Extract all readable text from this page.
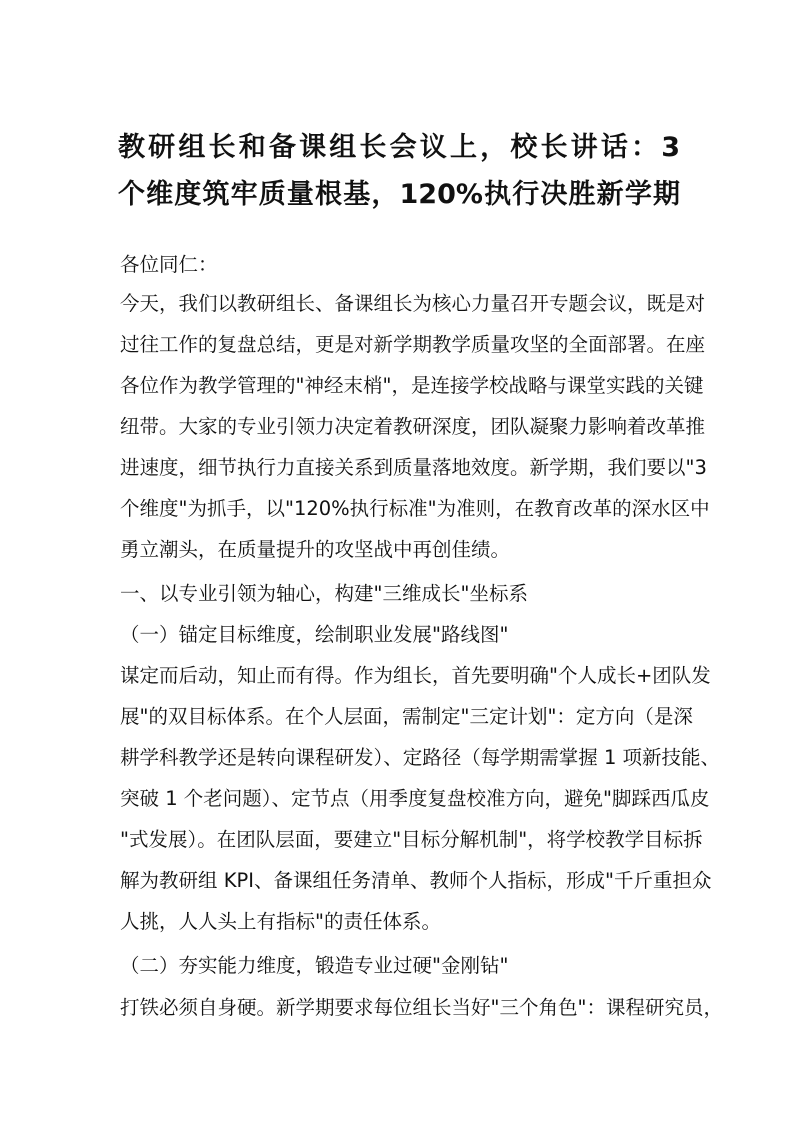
教研组长和备课组长会议上，校长讲话：3
个维度筑牢质量根基，120%执行决胜新学期
各位同仁：
今天，我们以教研组长、备课组长为核心力量召开专题会议，既是对
过往工作的复盘总结，更是对新学期教学质量攻坚的全面部署。在座
各位作为教学管理的"神经末梢"，是连接学校战略与课堂实践的关键
纽带。大家的专业引领力决定着教研深度，团队凝聚力影响着改革推
进速度，细节执行力直接关系到质量落地效度。新学期，我们要以"3
个维度"为抓手，以"120%执行标准"为准则，在教育改革的深水区中
勇立潮头，在质量提升的攻坚战中再创佳绩。
一、以专业引领为轴心，构建"三维成长"坐标系
（一）锚定目标维度，绘制职业发展"路线图"
谋定而后动，知止而有得。作为组长，首先要明确"个人成长+团队发
展"的双目标体系。在个人层面，需制定"三定计划"：定方向（是深
耕学科教学还是转向课程研发）、定路径（每学期需掌握 1 项新技能、
突破 1 个老问题）、定节点（用季度复盘校准方向，避免"脚踩西瓜皮
"式发展）。在团队层面，要建立"目标分解机制"，将学校教学目标拆
解为教研组 KPI、备课组任务清单、教师个人指标，形成"千斤重担众
人挑，人人头上有指标"的责任体系。
（二）夯实能力维度，锻造专业过硬"金刚钻"
打铁必须自身硬。新学期要求每位组长当好"三个角色"：课程研究员，
